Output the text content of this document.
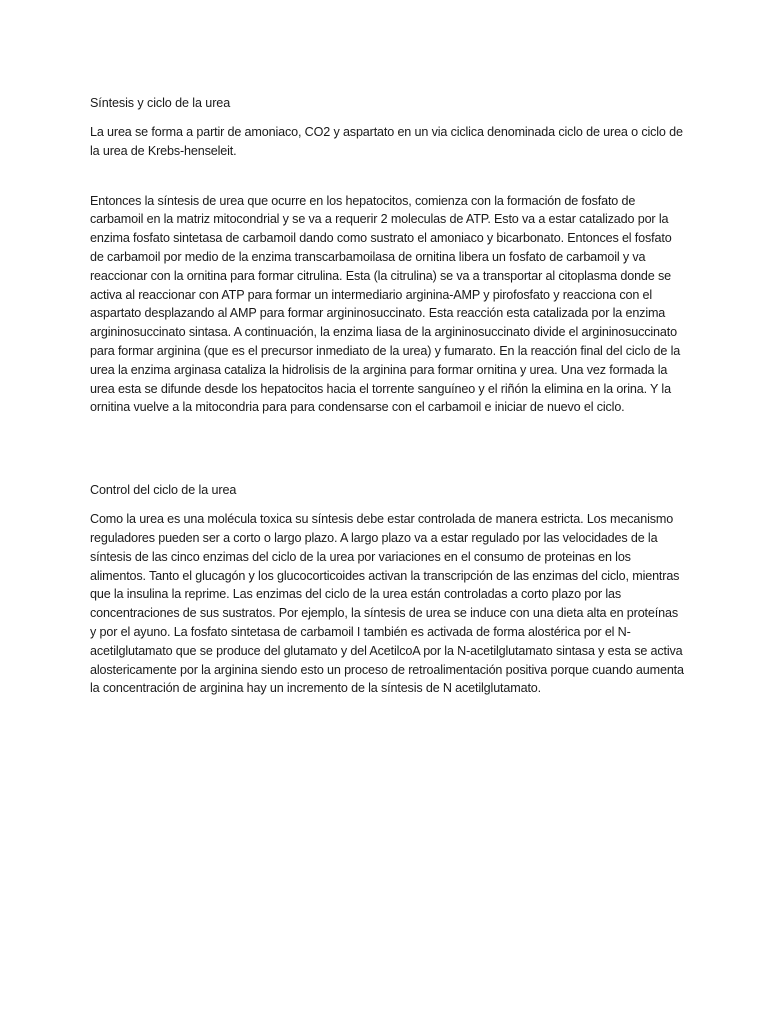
Síntesis y ciclo de la urea

La urea se forma a partir de amoniaco, CO2 y aspartato en un via ciclica denominada ciclo de urea o ciclo de la urea de Krebs-henseleit.

Entonces la síntesis de urea que ocurre en los hepatocitos, comienza con la formación de fosfato de carbamoil en la matriz mitocondrial y se va a requerir 2 moleculas de ATP. Esto va a estar catalizado por la enzima fosfato sintetasa de carbamoil dando como sustrato el amoniaco y bicarbonato. Entonces el fosfato de carbamoil por medio de la enzima transcarbamoilasa de ornitina libera un fosfato de carbamoil y va reaccionar con la ornitina para formar citrulina. Esta (la citrulina) se va a transportar al citoplasma donde se activa al reaccionar con ATP para formar un intermediario arginina-AMP y pirofosfato y reacciona con el aspartato desplazando al AMP para formar argininosuccinato. Esta reacción esta catalizada por la enzima argininosuccinato sintasa. A continuación, la enzima liasa de la argininosuccinato divide el argininosuccinato para formar arginina (que es el precursor inmediato de la urea) y fumarato. En la reacción final del ciclo de la urea la enzima arginasa cataliza la hidrolisis de la arginina para formar ornitina y urea. Una vez formada la urea esta se difunde desde los hepatocitos hacia el torrente sanguíneo y el riñón la elimina en la orina. Y la ornitina vuelve a la mitocondria para para condensarse con el carbamoil e iniciar de nuevo el ciclo.

Control del ciclo de la urea

Como la urea es una molécula toxica su síntesis debe estar controlada de manera estricta. Los mecanismo reguladores pueden ser a corto o largo plazo. A largo plazo va a estar regulado por las velocidades de la síntesis de las cinco enzimas del ciclo de la urea por variaciones en el consumo de proteinas en los alimentos. Tanto el glucagón y los glucocorticoides activan la transcripción de las enzimas del ciclo, mientras que la insulina la reprime. Las enzimas del ciclo de la urea están controladas a corto plazo por las concentraciones de sus sustratos. Por ejemplo, la síntesis de urea se induce con una dieta alta en proteínas y por el ayuno. La fosfato sintetasa de carbamoil I también es activada de forma alostérica por el N-acetilglutamato que se produce del glutamato y del AcetilcoA por la N-acetilglutamato sintasa y esta se activa alostericamente por la arginina siendo esto un proceso de retroalimentación positiva porque cuando aumenta la concentración de arginina hay un incremento de la síntesis de N acetilglutamato.
